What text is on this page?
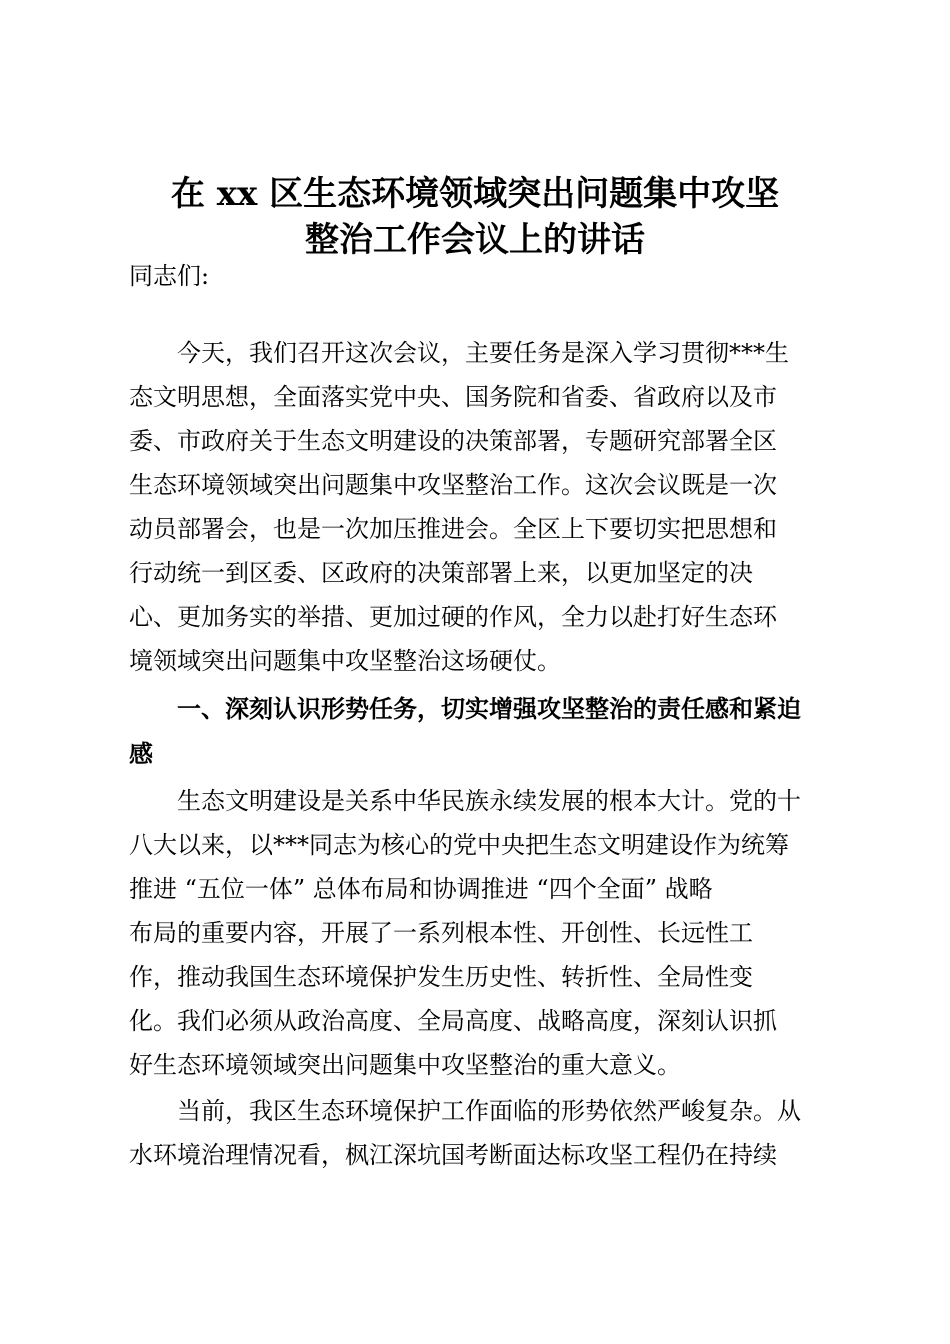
在 xx 区生态环境领域突出问题集中攻坚
整治工作会议上的讲话
同志们:
　　今天，我们召开这次会议，主要任务是深入学习贯彻***生
态文明思想，全面落实党中央、国务院和省委、省政府以及市
委、市政府关于生态文明建设的决策部署，专题研究部署全区
生态环境领域突出问题集中攻坚整治工作。这次会议既是一次
动员部署会，也是一次加压推进会。全区上下要切实把思想和
行动统一到区委、区政府的决策部署上来，以更加坚定的决
心、更加务实的举措、更加过硬的作风，全力以赴打好生态环
境领域突出问题集中攻坚整治这场硬仗。
　　一、深刻认识形势任务，切实增强攻坚整治的责任感和紧迫
感
　　生态文明建设是关系中华民族永续发展的根本大计。党的十
八大以来，以***同志为核心的党中央把生态文明建设作为统筹
推进 “五位一体” 总体布局和协调推进 “四个全面” 战略
布局的重要内容，开展了一系列根本性、开创性、长远性工
作，推动我国生态环境保护发生历史性、转折性、全局性变
化。我们必须从政治高度、全局高度、战略高度，深刻认识抓
好生态环境领域突出问题集中攻坚整治的重大意义。
　　当前，我区生态环境保护工作面临的形势依然严峻复杂。从
水环境治理情况看，枫江深坑国考断面达标攻坚工程仍在持续
